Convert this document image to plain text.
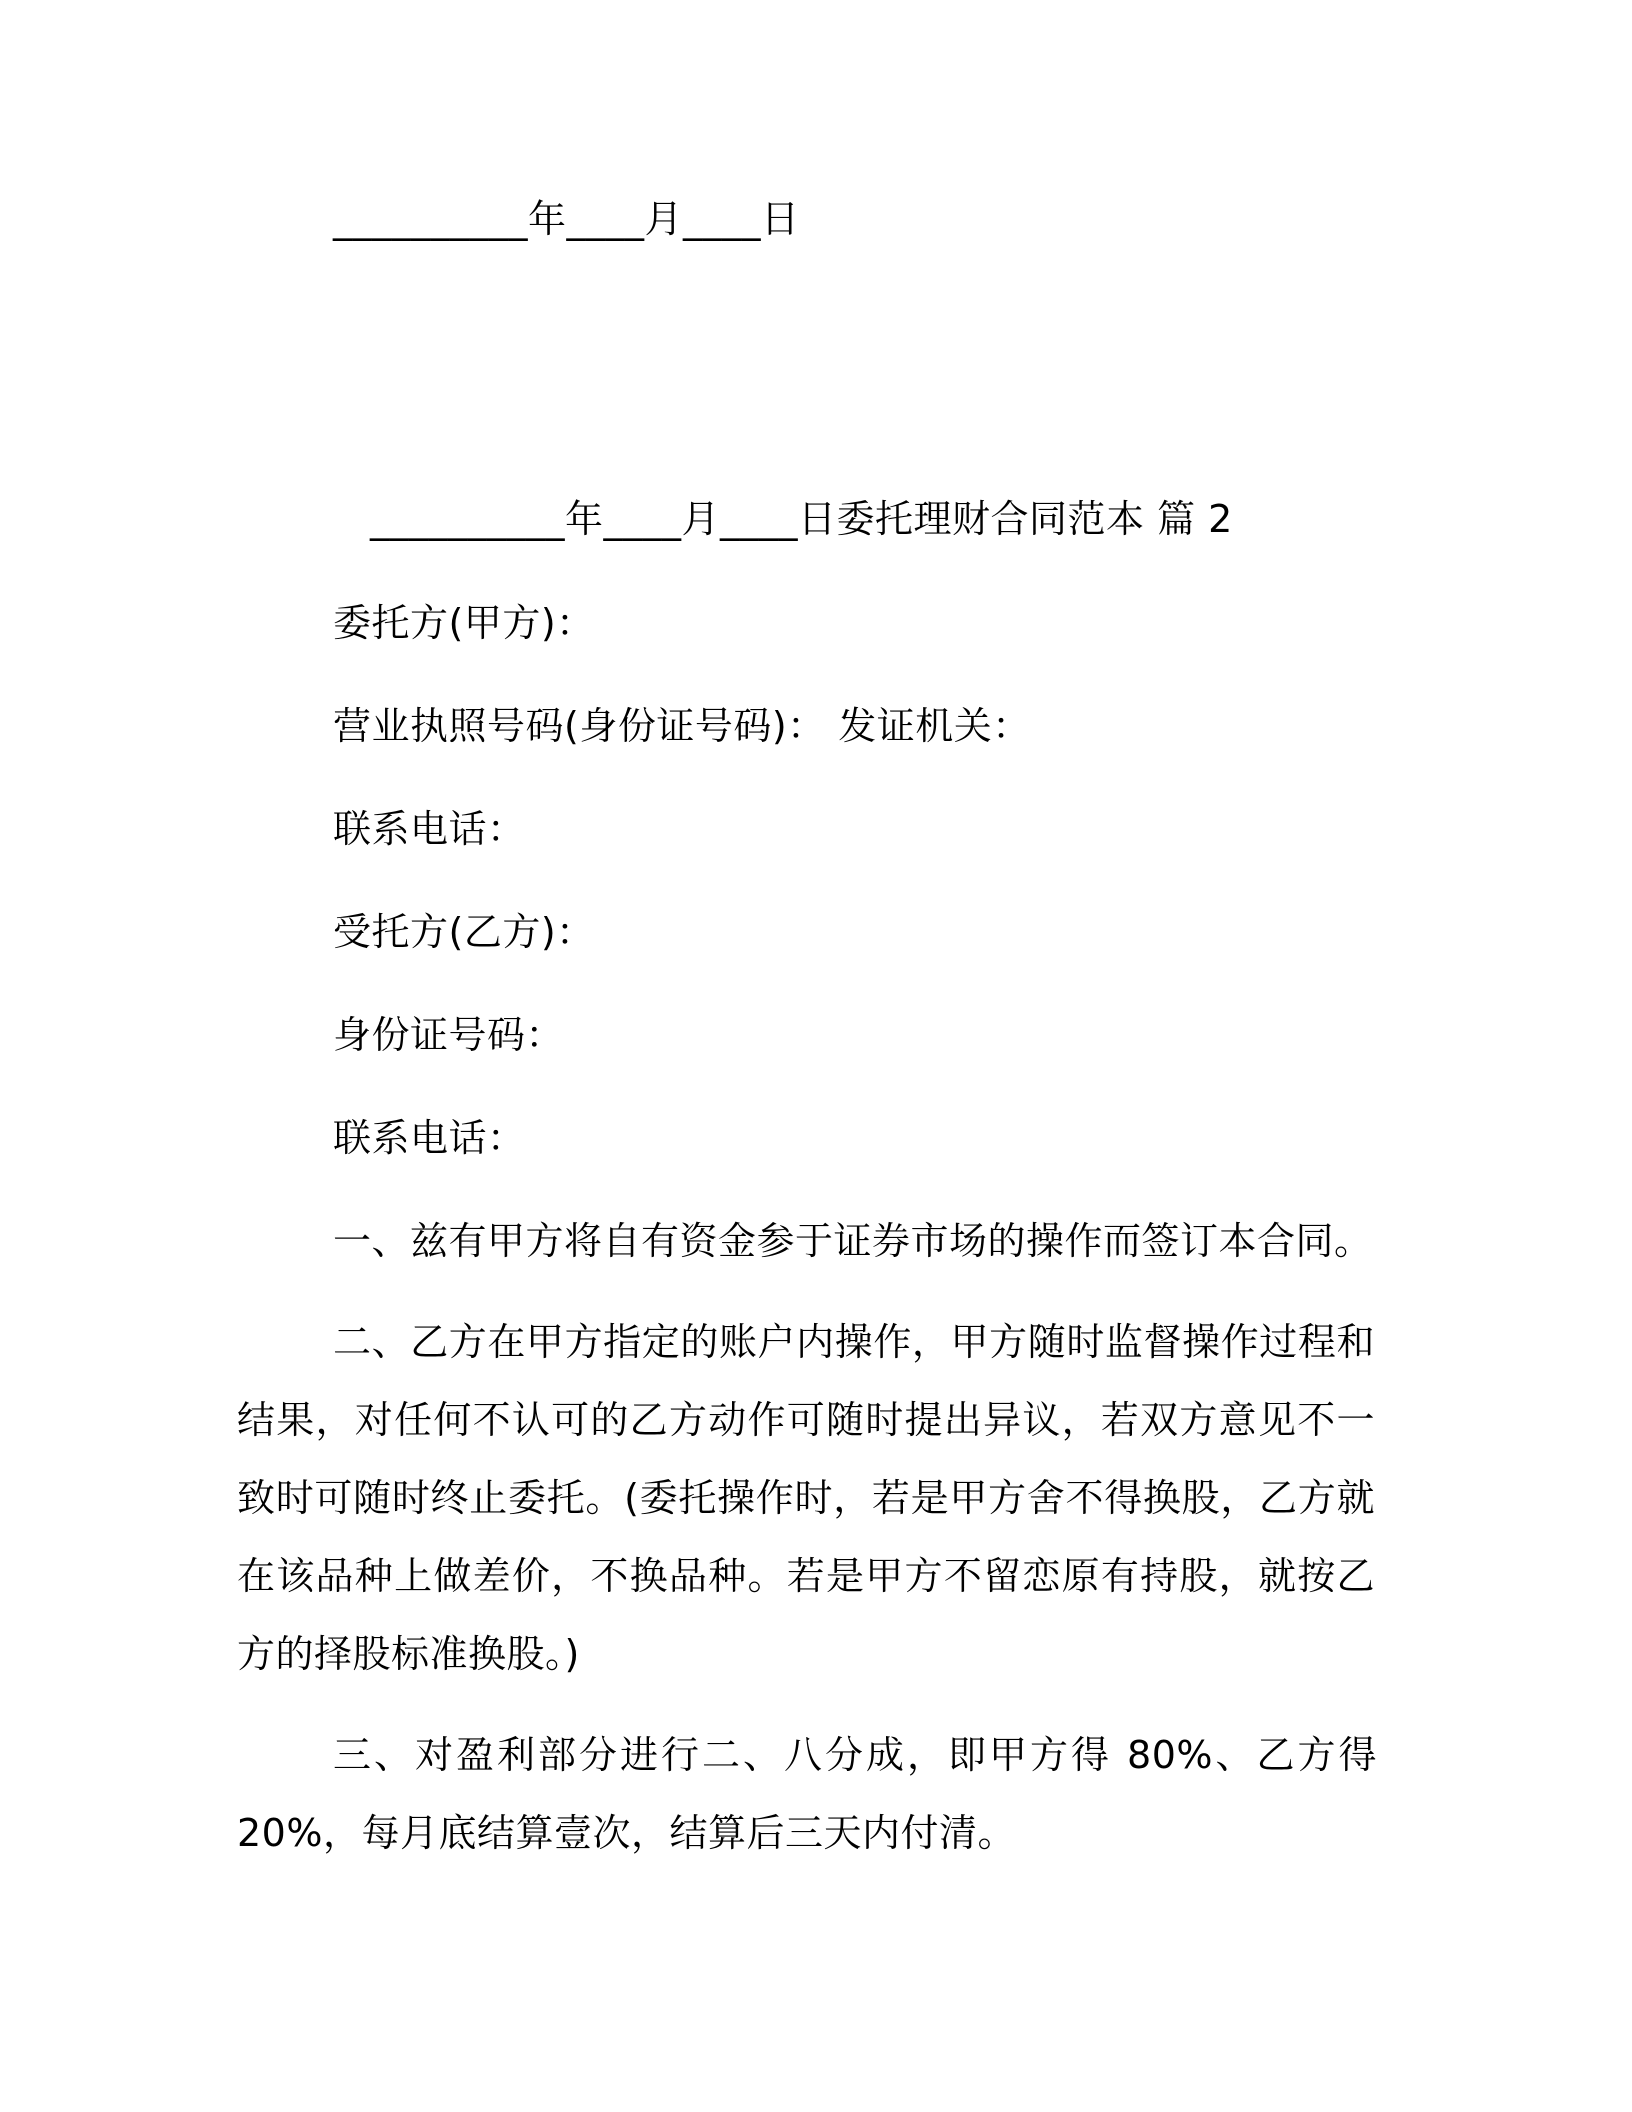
__________年____月____日
__________年____月____日委托理财合同范本 篇 2
委托方(甲方)：
营业执照号码(身份证号码)： 发证机关：
联系电话：
受托方(乙方)：
身份证号码：
联系电话：
一、兹有甲方将自有资金参于证券市场的操作而签订本合同。
二、乙方在甲方指定的账户内操作，甲方随时监督操作过程和结果，对任何不认可的乙方动作可随时提出异议，若双方意见不一致时可随时终止委托。(委托操作时，若是甲方舍不得换股，乙方就在该品种上做差价，不换品种。若是甲方不留恋原有持股，就按乙方的择股标准换股。)
三、对盈利部分进行二、八分成，即甲方得 80%、乙方得 20%，每月底结算壹次，结算后三天内付清。
